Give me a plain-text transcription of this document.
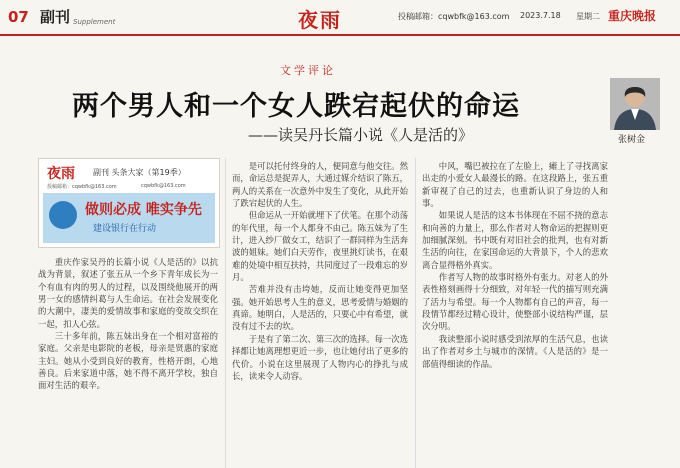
07 副刊 Supplement	夜雨	投稿邮箱：cqwbfk@163.com 2023.7.18 星期二 重庆晚报
文学评论
两个男人和一个女人跌宕起伏的命运
——读吴丹长篇小说《人是活的》	张树金
夜雨 副刊 头条大家（第19季）
投稿邮箱：cqwbfk@163.com	cqwbfk@163.com
做则必成 唯实争先
建设银行在行动

重庆作家吴丹的长篇小说《人是活的》以抗战为背景，叙述了张五从一个乡下青年成长为一个有血有肉的男人的过程，以及围绕他展开的两男一女的感情纠葛与人生命运。在社会发展变化的大潮中，凄美的爱情故事和家庭的变故交织在一起，扣人心弦。

三十多年前，陈五妹出身在一个相对富裕的家庭。父亲是电影院的老板，母亲是贤惠的家庭主妇。她从小受到良好的教育，性格开朗，心地善良。后来家道中落，她不得不离开学校，独自面对生活的艰辛。

是可以托付终身的人，便同意与他交往。然而，命运总是捉弄人，大通过媒介结识了陈五，两人的关系在一次意外中发生了变化，从此开始了跌宕起伏的人生。

但命运从一开始就埋下了伏笔。在那个动荡的年代里，每一个人都身不由己。陈五妹为了生计，进入纱厂做女工，结识了一群同样为生活奔波的姐妹。她们白天劳作，夜里挑灯读书，在艰难的处境中相互扶持，共同度过了一段难忘的岁月。

苦难并没有击垮她，反而让她变得更加坚强。她开始思考人生的意义，思考爱情与婚姻的真谛。她明白，人是活的，只要心中有希望，就没有过不去的坎。

于是有了第二次、第三次的选择。每一次选择都让她离理想更近一步，也让她付出了更多的代价。小说在这里展现了人物内心的挣扎与成长，读来令人动容。

中风，嘴巴被拉在了左脸上，瘫上了寻找离家出走的小爱女人最漫长的路。在这段路上，张五重新审视了自己的过去，也重新认识了身边的人和事。

如果说人是活的这本书体现在不屈不挠的意志和向善的力量上，那么作者对人物命运的把握则更加细腻深刻。书中既有对旧社会的批判，也有对新生活的向往，在家国命运的大背景下，个人的悲欢离合显得格外真实。

作者写人物的故事时格外有张力。对老人的外表性格刻画得十分细致，对年轻一代的描写则充满了活力与希望。每一个人物都有自己的声音，每一段情节都经过精心设计，使整部小说结构严谨，层次分明。

我读整部小说时感受到浓厚的生活气息，也读出了作者对乡土与城市的深情。《人是活的》是一部值得细读的作品。
